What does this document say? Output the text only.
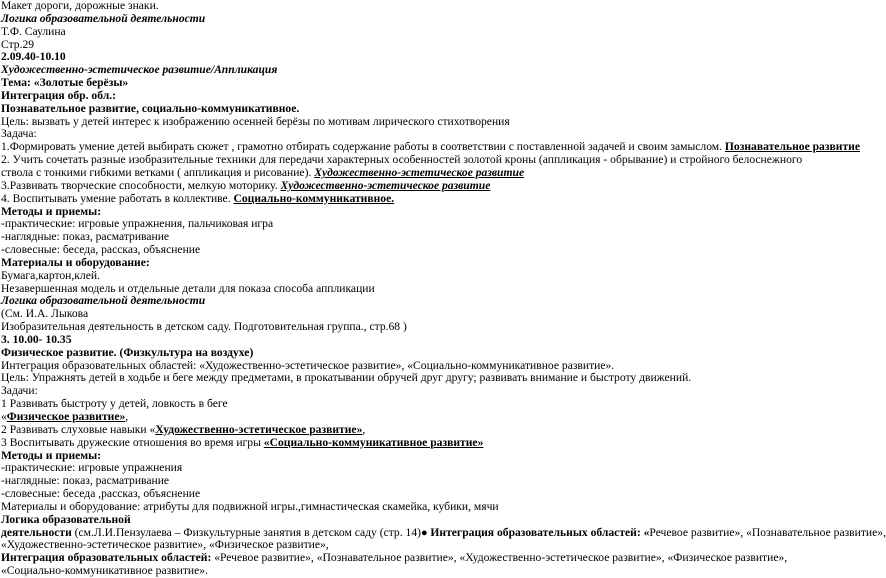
Макет дороги, дорожные знаки.
Логика образовательной деятельности
Т.Ф. Саулина
Стр.29
2.09.40-10.10
Художественно-эстетическое развитие/Аппликация
Тема: «Золотые берёзы»
Интеграция обр. обл.:
Познавательное развитие, социально-коммуникативное.
Цель: вызвать у детей интерес к изображению осенней берёзы по мотивам лирического стихотворения
Задача:
1.Формировать умение детей выбирать сюжет , грамотно отбирать содержание работы в соответствии с поставленной задачей и своим замыслом. Познавательное развитие
2. Учить сочетать разные изобразительные техники для передачи характерных особенностей золотой кроны (аппликация - обрывание) и стройного белоснежного ствола с тонкими гибкими ветками ( аппликация и рисование). Художественно-эстетическое развитие
3.Развивать творческие способности, мелкую моторику. Художественно-эстетическое развитие
4. Воспитывать умение работать в коллективе. Социально-коммуникативное.
Методы и приемы:
-практические: игровые упражнения, пальчиковая игра
-наглядные: показ, расматривание
-словесные: беседа, рассказ, объяснение
Материалы и оборудование:
Бумага,картон,клей.
Незавершенная модель и отдельные детали для показа способа аппликации
Логика образовательной деятельности
(См. И.А. Лыкова
Изобразительная деятельность в детском саду. Подготовительная группа., стр.68 )
3. 10.00- 10.35
Физическое развитие. (Физкультура на воздухе)
Интеграция образовательных областей: «Художественно-эстетическое развитие», «Социально-коммуникативное развитие».
Цель: Упражнять детей в ходьбе и беге между предметами, в прокатывании обручей друг другу; развивать внимание и быстроту движений.
Задачи:
1 Развивать быстроту у детей, ловкость в беге
«Физическое развитие»,
2 Развивать слуховые навыки «Художественно-эстетическое развитие»,
3 Воспитывать дружеские отношения во время игры «Социально-коммуникативное развитие»
Методы и приемы:
-практические: игровые упражнения
-наглядные: показ, расматривание
-словесные: беседа ,рассказ, объяснение
Материалы и оборудование: атрибуты для подвижной игры.,гимнастическая скамейка, кубики, мячи
Логика образовательной
деятельности (см.Л.И.Пензулаева – Физкультурные занятия в детском саду (стр. 14)● Интеграция образовательных областей: «Речевое развитие», «Познавательное развитие»,
«Художественно-эстетическое развитие», «Физическое развитие»,
Интеграция образовательных областей: «Речевое развитие», «Познавательное развитие», «Художественно-эстетическое развитие», «Физическое развитие»,
«Социально-коммуникативное развитие».
